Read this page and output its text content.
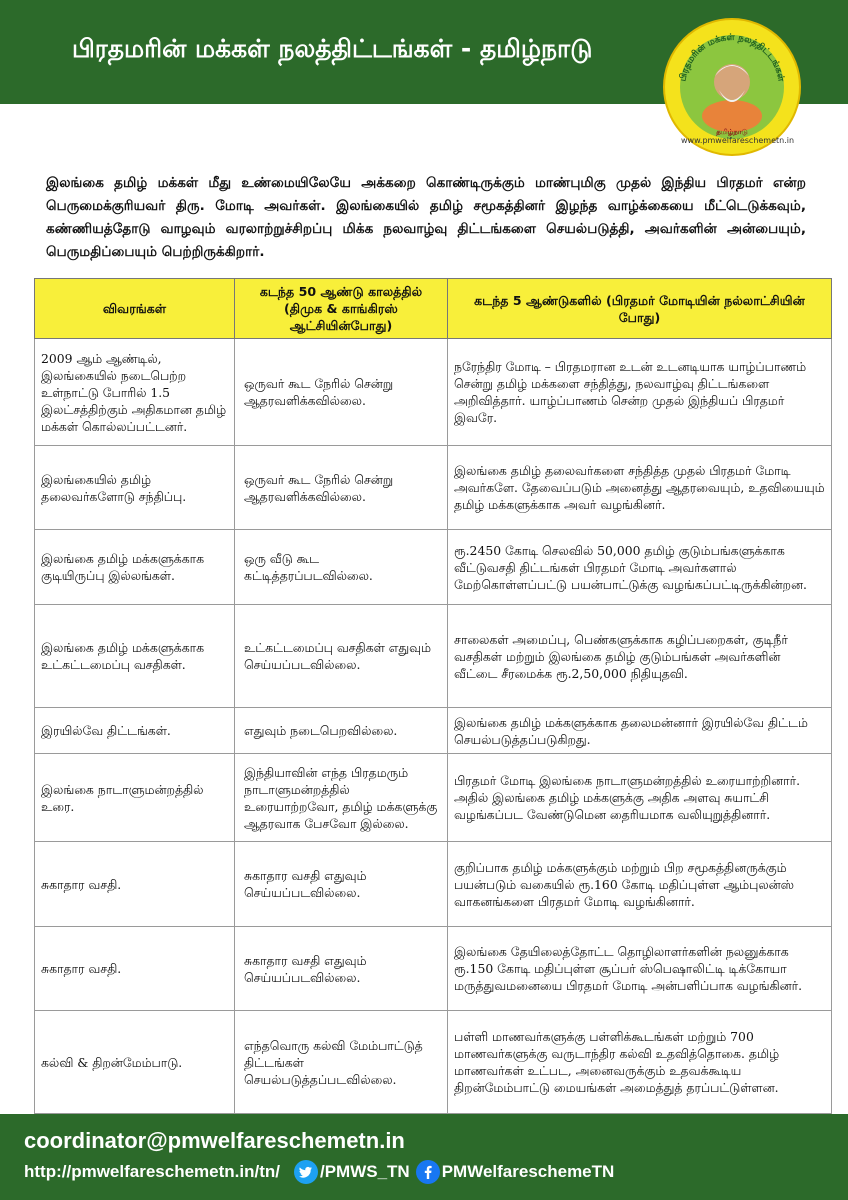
பிரதமரின் மக்கள் நலத்திட்டங்கள் - தமிழ்நாடு
பிரதமரின் மக்கள் நலத்திட்டங்கள்
தமிழ்நாடு
www.pmwelfareschemetn.in
இலங்கை தமிழ் மக்கள் மீது உண்மையிலேயே அக்கறை கொண்டிருக்கும் மாண்புமிகு முதல் இந்திய பிரதமர் என்ற பெருமைக்குரியவர் திரு. மோடி அவர்கள். இலங்கையில் தமிழ் சமூகத்தினர் இழந்த வாழ்க்கையை மீட்டெடுக்கவும், கண்ணியத்தோடு வாழவும் வரலாற்றுச்சிறப்பு மிக்க நலவாழ்வு திட்டங்களை செயல்படுத்தி, அவர்களின் அன்பையும், பெருமதிப்பையும் பெற்றிருக்கிறார்.
விவரங்கள்	கடந்த 50 ஆண்டு காலத்தில் (திமுக & காங்கிரஸ் ஆட்சியின்போது)	கடந்த 5 ஆண்டுகளில் (பிரதமர் மோடியின் நல்லாட்சியின் போது)
2009 ஆம் ஆண்டில், இலங்கையில் நடைபெற்ற உள்நாட்டு போரில் 1.5 இலட்சத்திற்கும் அதிகமான தமிழ் மக்கள் கொல்லப்பட்டனர்.	ஒருவர் கூட நேரில் சென்று ஆதரவளிக்கவில்லை.	நரேந்திர மோடி – பிரதமரான உடன் உடனடியாக யாழ்ப்பாணம் சென்று தமிழ் மக்களை சந்தித்து, நலவாழ்வு திட்டங்களை அறிவித்தார். யாழ்ப்பாணம் சென்ற முதல் இந்தியப் பிரதமர் இவரே.
இலங்கையில் தமிழ் தலைவர்களோடு சந்திப்பு.	ஒருவர் கூட நேரில் சென்று ஆதரவளிக்கவில்லை.	இலங்கை தமிழ் தலைவர்களை சந்தித்த முதல் பிரதமர் மோடி அவர்களே. தேவைப்படும் அனைத்து ஆதரவையும், உதவியையும் தமிழ் மக்களுக்காக அவர் வழங்கினர்.
இலங்கை தமிழ் மக்களுக்காக குடியிருப்பு இல்லங்கள்.	ஒரு வீடு கூட கட்டித்தரப்படவில்லை.	ரூ.2450 கோடி செலவில் 50,000 தமிழ் குடும்பங்களுக்காக வீட்டுவசதி திட்டங்கள் பிரதமர் மோடி அவர்களால் மேற்கொள்ளப்பட்டு பயன்பாட்டுக்கு வழங்கப்பட்டிருக்கின்றன.
இலங்கை தமிழ் மக்களுக்காக உட்கட்டமைப்பு வசதிகள்.	உட்கட்டமைப்பு வசதிகள் எதுவும் செய்யப்படவில்லை.	சாலைகள் அமைப்பு, பெண்களுக்காக கழிப்பறைகள், குடிநீர் வசதிகள் மற்றும் இலங்கை தமிழ் குடும்பங்கள் அவர்களின் வீட்டை சீரமைக்க ரூ.2,50,000 நிதியுதவி.
இரயில்வே திட்டங்கள்.	எதுவும் நடைபெறவில்லை.	இலங்கை தமிழ் மக்களுக்காக தலைமன்னார் இரயில்வே திட்டம் செயல்படுத்தப்படுகிறது.
இலங்கை நாடாளுமன்றத்தில் உரை.	இந்தியாவின் எந்த பிரதமரும் நாடாளுமன்றத்தில் உரையாற்றவோ, தமிழ் மக்களுக்கு ஆதரவாக பேசவோ இல்லை.	பிரதமர் மோடி இலங்கை நாடாளுமன்றத்தில் உரையாற்றினார். அதில் இலங்கை தமிழ் மக்களுக்கு அதிக அளவு சுயாட்சி வழங்கப்பட வேண்டுமென தைரியமாக வலியுறுத்தினார்.
சுகாதார வசதி.	சுகாதார வசதி எதுவும் செய்யப்படவில்லை.	குறிப்பாக தமிழ் மக்களுக்கும் மற்றும் பிற சமூகத்தினருக்கும் பயன்படும் வகையில் ரூ.160 கோடி மதிப்புள்ள ஆம்புலன்ஸ் வாகனங்களை பிரதமர் மோடி வழங்கினார்.
சுகாதார வசதி.	சுகாதார வசதி எதுவும் செய்யப்படவில்லை.	இலங்கை தேயிலைத்தோட்ட தொழிலாளர்களின் நலனுக்காக ரூ.150 கோடி மதிப்புள்ள சூப்பர் ஸ்பெஷாலிட்டி டிக்கோயா மருத்துவமனையை பிரதமர் மோடி அன்பளிப்பாக வழங்கினர்.
கல்வி & திறன்மேம்பாடு.	எந்தவொரு கல்வி மேம்பாட்டுத் திட்டங்கள் செயல்படுத்தப்படவில்லை.	பள்ளி மாணவர்களுக்கு பள்ளிக்கூடங்கள் மற்றும் 700 மாணவர்களுக்கு வருடாந்திர கல்வி உதவித்தொகை. தமிழ் மாணவர்கள் உட்பட, அனைவருக்கும் உதவக்கூடிய திறன்மேம்பாட்டு மையங்கள் அமைத்துத் தரப்பட்டுள்ளன.
coordinator@pmwelfareschemetn.in
http://pmwelfareschemetn.in/tn/ /PMWS_TN PMWelfareschemeTN
